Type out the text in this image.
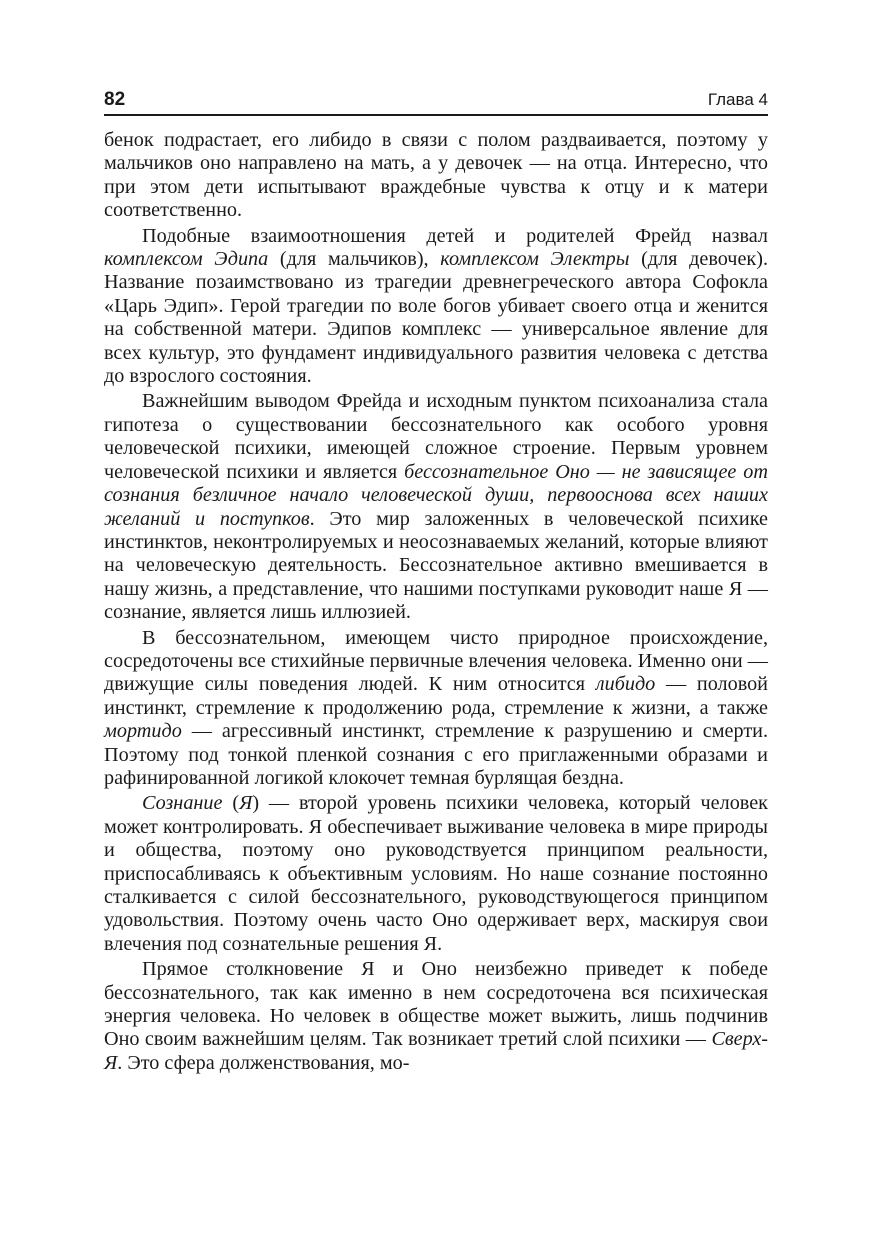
82	Глава 4

бенок подрастает, его либидо в связи с полом раздваивается, поэтому у мальчиков оно направлено на мать, а у девочек — на отца. Интересно, что при этом дети испытывают враждебные чувства к отцу и к матери соответственно.

Подобные взаимоотношения детей и родителей Фрейд назвал комплексом Эдипа (для мальчиков), комплексом Электры (для девочек). Название позаимствовано из трагедии древнегреческого автора Софокла «Царь Эдип». Герой трагедии по воле богов убивает своего отца и женится на собственной матери. Эдипов комплекс — универсальное явление для всех культур, это фундамент индивидуального развития человека с детства до взрослого состояния.

Важнейшим выводом Фрейда и исходным пунктом психоанализа стала гипотеза о существовании бессознательного как особого уровня человеческой психики, имеющей сложное строение. Первым уровнем человеческой психики и является бессознательное Оно — не зависящее от сознания безличное начало человеческой души, первооснова всех наших желаний и поступков. Это мир заложенных в человеческой психике инстинктов, неконтролируемых и неосознаваемых желаний, которые влияют на человеческую деятельность. Бессознательное активно вмешивается в нашу жизнь, а представление, что нашими поступками руководит наше Я — сознание, является лишь иллюзией.

В бессознательном, имеющем чисто природное происхождение, сосредоточены все стихийные первичные влечения человека. Именно они — движущие силы поведения людей. К ним относится либидо — половой инстинкт, стремление к продолжению рода, стремление к жизни, а также мортидо — агрессивный инстинкт, стремление к разрушению и смерти. Поэтому под тонкой пленкой сознания с его приглаженными образами и рафинированной логикой клокочет темная бурлящая бездна.

Сознание (Я) — второй уровень психики человека, который человек может контролировать. Я обеспечивает выживание человека в мире природы и общества, поэтому оно руководствуется принципом реальности, приспосабливаясь к объективным условиям. Но наше сознание постоянно сталкивается с силой бессознательного, руководствующегося принципом удовольствия. Поэтому очень часто Оно одерживает верх, маскируя свои влечения под сознательные решения Я.

Прямое столкновение Я и Оно неизбежно приведет к победе бессознательного, так как именно в нем сосредоточена вся психическая энергия человека. Но человек в обществе может выжить, лишь подчинив Оно своим важнейшим целям. Так возникает третий слой психики — Сверх-Я. Это сфера долженствования, мо-
